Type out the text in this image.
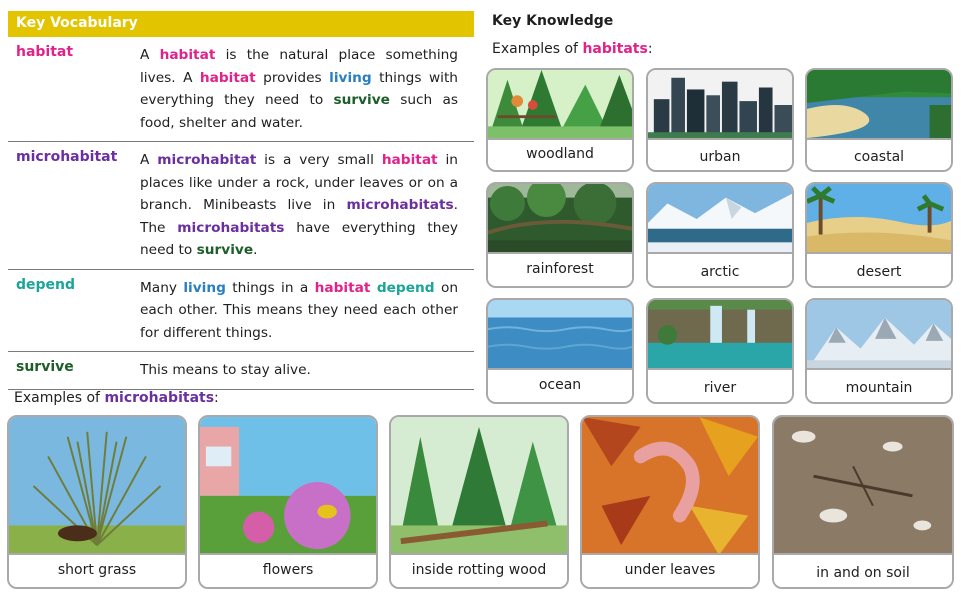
Key Vocabulary
habitat	A habitat is the natural place something lives. A habitat provides living things with everything they need to survive such as food, shelter and water.
microhabitat	A microhabitat is a very small habitat in places like under a rock, under leaves or on a branch. Minibeasts live in microhabitats. The microhabitats have everything they need to survive.
depend	Many living things in a habitat depend on each other. This means they need each other for different things.
survive	This means to stay alive.
Key Knowledge
Examples of habitats:
woodland	urban	coastal
rainforest	arctic	desert
ocean	river	mountain
Examples of microhabitats:
short grass	flowers	inside rotting wood	under leaves	in and on soil
